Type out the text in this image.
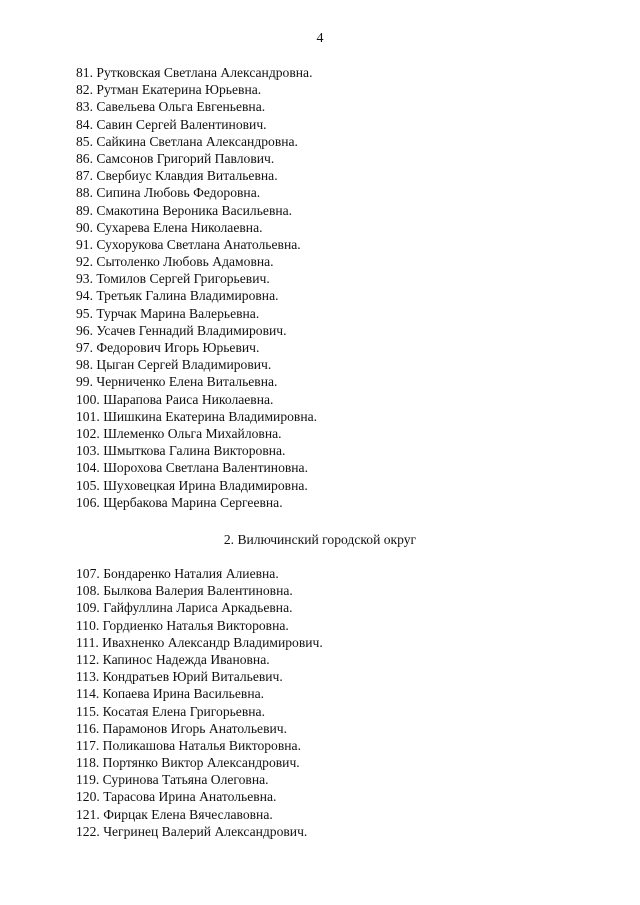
4
81. Рутковская Светлана Александровна.
82. Рутман Екатерина Юрьевна.
83. Савельева Ольга Евгеньевна.
84. Савин Сергей Валентинович.
85. Сайкина Светлана Александровна.
86. Самсонов Григорий Павлович.
87. Свербиус Клавдия Витальевна.
88. Сипина Любовь Федоровна.
89. Смакотина Вероника Васильевна.
90. Сухарева Елена Николаевна.
91. Сухорукова Светлана Анатольевна.
92. Сытоленко Любовь Адамовна.
93. Томилов Сергей Григорьевич.
94. Третьяк Галина Владимировна.
95. Турчак Марина Валерьевна.
96. Усачев Геннадий Владимирович.
97. Федорович Игорь Юрьевич.
98. Цыган Сергей Владимирович.
99. Черниченко Елена Витальевна.
100. Шарапова Раиса Николаевна.
101. Шишкина Екатерина Владимировна.
102. Шлеменко Ольга Михайловна.
103. Шмыткова Галина Викторовна.
104. Шорохова Светлана Валентиновна.
105. Шуховецкая Ирина Владимировна.
106. Щербакова Марина Сергеевна.
2. Вилючинский городской округ
107. Бондаренко Наталия Алиевна.
108. Былкова Валерия Валентиновна.
109. Гайфуллина Лариса Аркадьевна.
110. Гордиенко Наталья Викторовна.
111. Ивахненко Александр Владимирович.
112. Капинос Надежда Ивановна.
113. Кондратьев Юрий Витальевич.
114. Копаева Ирина Васильевна.
115. Косатая Елена Григорьевна.
116. Парамонов Игорь Анатольевич.
117. Поликашова Наталья Викторовна.
118. Портянко Виктор Александрович.
119. Суринова Татьяна Олеговна.
120. Тарасова Ирина Анатольевна.
121. Фирцак Елена Вячеславовна.
122. Чегринец Валерий Александрович.
